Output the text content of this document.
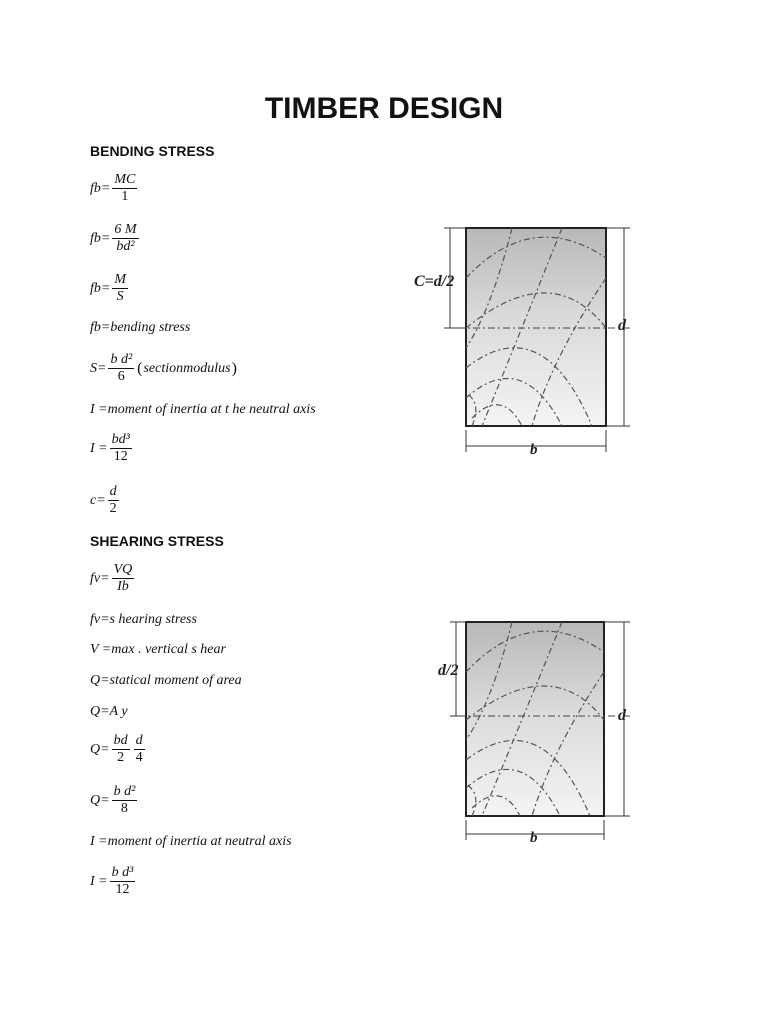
TIMBER DESIGN
BENDING STRESS
$fb= \frac{MC}{1}$
$fb= \frac{6 M}{\text{bd²}}$
$fb= \frac{M}{S}$
fb=bending stress
$S= \frac{\text{b d²}}{6}$ ( sectionmodulus )
I =moment of inertia at t he neutral axis
$I = \frac{\text{bd³}}{12}$
$c= \frac{d}{2}$
SHEARING STRESS
$fv= \frac{VQ}{Ib}$
fv=s hearing stress
V =max . vertical s hear
Q=statical moment of area
Q=A y
$Q= \frac{bd}{2} \frac{d}{4}$
$Q= \frac{\text{b d²}}{8}$
I =moment of inertia at neutral axis
$I = \frac{\text{b d³}}{12}$
C=d/2
d
b
d/2
d
b
